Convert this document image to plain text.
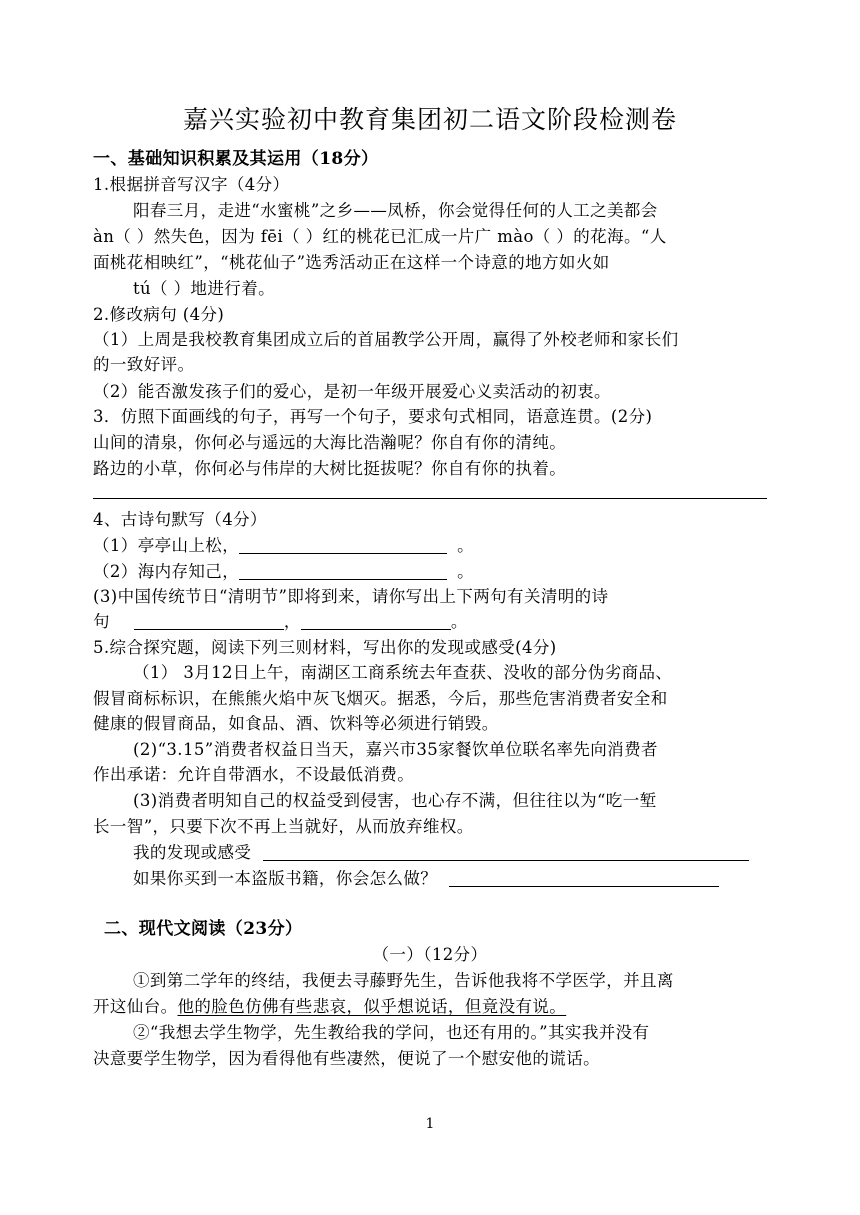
嘉兴实验初中教育集团初二语文阶段检测卷
一、基础知识积累及其运用（18分）
1.根据拼音写汉字（4分）
阳春三月，走进“水蜜桃”之乡——凤桥，你会觉得任何的人工之美都会
àn（ ）然失色，因为 fēi（ ）红的桃花已汇成一片广 mào（ ）的花海。“人
面桃花相映红”，“桃花仙子”选秀活动正在这样一个诗意的地方如火如
tú（ ）地进行着。
2.修改病句 (4分)
（1）上周是我校教育集团成立后的首届教学公开周，赢得了外校老师和家长们
的一致好评。
（2）能否激发孩子们的爱心，是初一年级开展爱心义卖活动的初衷。
3．仿照下面画线的句子，再写一个句子，要求句式相同，语意连贯。(2分)
山间的清泉，你何必与遥远的大海比浩瀚呢？你自有你的清纯。
路边的小草，你何必与伟岸的大树比挺拔呢？你自有你的执着。
4、古诗句默写（4分）
（1）亭亭山上松，	。
（2）海内存知己，	。
(3)中国传统节日“清明节”即将到来，请你写出上下两句有关清明的诗
句	，	。
5.综合探究题，阅读下列三则材料，写出你的发现或感受(4分)
（1） 3月12日上午，南湖区工商系统去年查获、没收的部分伪劣商品、
假冒商标标识，在熊熊火焰中灰飞烟灭。据悉，今后，那些危害消费者安全和
健康的假冒商品，如食品、酒、饮料等必须进行销毁。
(2)“3.15”消费者权益日当天，嘉兴市35家餐饮单位联名率先向消费者
作出承诺：允许自带酒水，不设最低消费。
(3)消费者明知自己的权益受到侵害，也心存不满，但往往以为“吃一堑
长一智”，只要下次不再上当就好，从而放弃维权。
我的发现或感受
如果你买到一本盗版书籍，你会怎么做？
二、现代文阅读（23分）
（一）（12分）
①到第二学年的终结，我便去寻藤野先生，告诉他我将不学医学，并且离
开这仙台。他的脸色仿佛有些悲哀，似乎想说话，但竟没有说。
②“我想去学生物学，先生教给我的学问，也还有用的。”其实我并没有
决意要学生物学，因为看得他有些凄然，便说了一个慰安他的谎话。
1
